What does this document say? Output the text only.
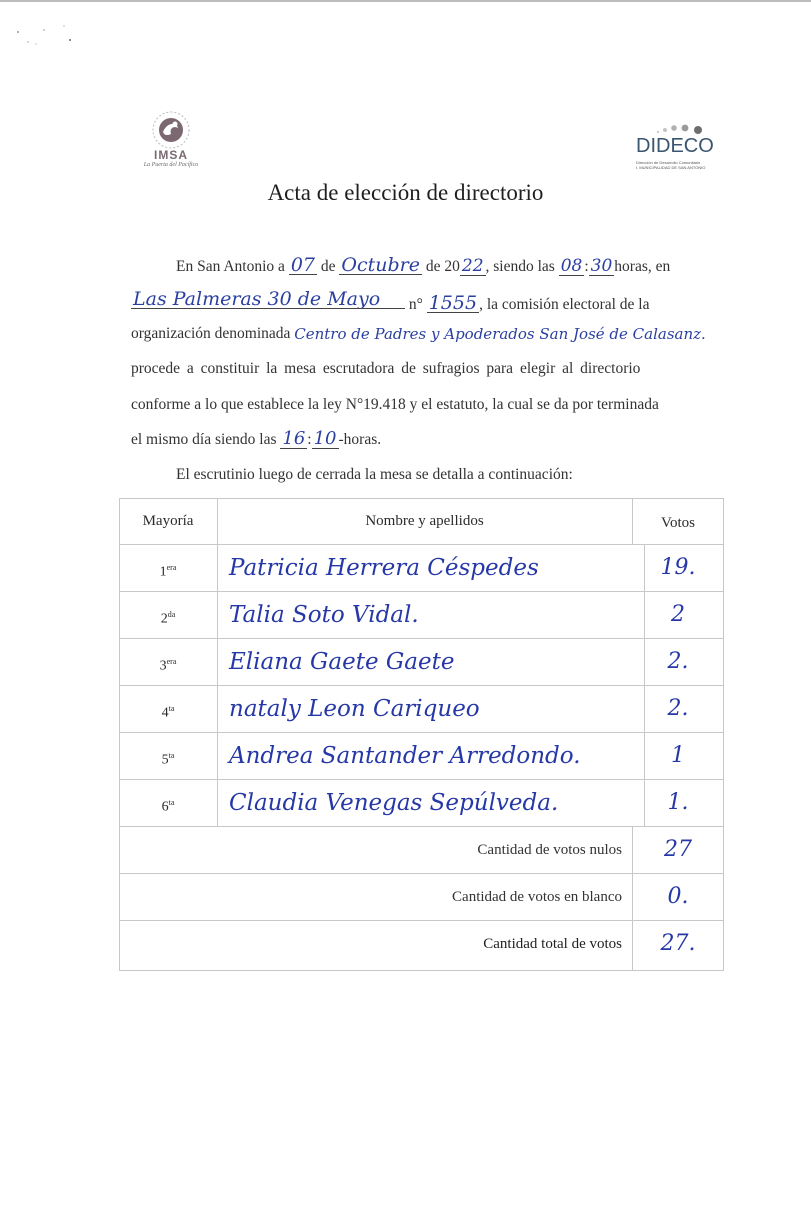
IMSA
La Puerta del Pacífico
DIDECO
Dirección de Desarrollo Comunitario
I. MUNICIPALIDAD DE SAN ANTONIO
Acta de elección de directorio
En San Antonio a 07 de Octubre de 20 22 , siendo las 08 : 30 horas, en
Las Palmeras 30 de Mayo n° 1555 , la comisión electoral de la
organización denominada Centro de Padres y Apoderados San José de Calasanz.
procede a constituir la mesa escrutadora de sufragios para elegir al directorio
conforme a lo que establece la ley N°19.418 y el estatuto, la cual se da por terminada
el mismo día siendo las 16 : 10 -horas.
El escrutinio luego de cerrada la mesa se detalla a continuación:
Mayoría	Nombre y apellidos	Votos
$1^{era}$	Patricia Herrera Céspedes	19.
$2^{da}$	Talia Soto Vidal.	2
$3^{era}$	Eliana Gaete Gaete	2.
$4^{ta}$	nataly Leon Cariqueo	2.
$5^{ta}$	Andrea Santander Arredondo.	1
$6^{ta}$	Claudia Venegas Sepúlveda.	1.
Cantidad de votos nulos	27
Cantidad de votos en blanco	0.
Cantidad total de votos	27.
